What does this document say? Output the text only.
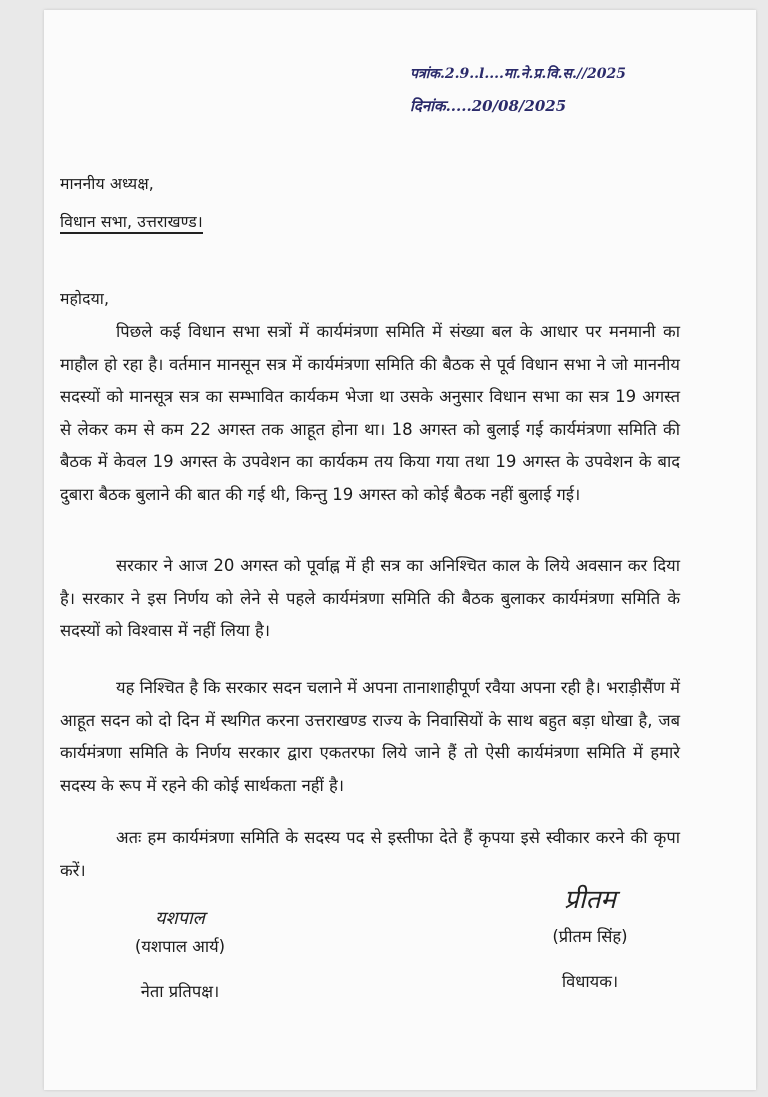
पत्रांक.2.9..l....मा.ने.प्र.वि.स.//2025
दिनांक.....20/08/2025
माननीय अध्यक्ष,
विधान सभा, उत्तराखण्ड।
महोदया,
पिछले कई विधान सभा सत्रों में कार्यमंत्रणा समिति में संख्या बल के आधार पर मनमानी का माहौल हो रहा है। वर्तमान मानसून सत्र में कार्यमंत्रणा समिति की बैठक से पूर्व विधान सभा ने जो माननीय सदस्यों को मानसूत्र सत्र का सम्भावित कार्यकम भेजा था उसके अनुसार विधान सभा का सत्र 19 अगस्त से लेकर कम से कम 22 अगस्त तक आहूत होना था। 18 अगस्त को बुलाई गई कार्यमंत्रणा समिति की बैठक में केवल 19 अगस्त के उपवेशन का कार्यकम तय किया गया तथा 19 अगस्त के उपवेशन के बाद दुबारा बैठक बुलाने की बात की गई थी, किन्तु 19 अगस्त को कोई बैठक नहीं बुलाई गई।
सरकार ने आज 20 अगस्त को पूर्वाह्न में ही सत्र का अनिश्चित काल के लिये अवसान कर दिया है। सरकार ने इस निर्णय को लेने से पहले कार्यमंत्रणा समिति की बैठक बुलाकर कार्यमंत्रणा समिति के सदस्यों को विश्वास में नहीं लिया है।
यह निश्चित है कि सरकार सदन चलाने में अपना तानाशाहीपूर्ण रवैया अपना रही है। भराड़ीसैंण में आहूत सदन को दो दिन में स्थगित करना उत्तराखण्ड राज्य के निवासियों के साथ बहुत बड़ा धोखा है, जब कार्यमंत्रणा समिति के निर्णय सरकार द्वारा एकतरफा लिये जाने हैं तो ऐसी कार्यमंत्रणा समिति में हमारे सदस्य के रूप में रहने की कोई सार्थकता नहीं है।
अतः हम कार्यमंत्रणा समिति के सदस्य पद से इस्तीफा देते हैं कृपया इसे स्वीकार करने की कृपा करें।
यशपाल
(यशपाल आर्य)
नेता प्रतिपक्ष।
प्रीतम
(प्रीतम सिंह)
विधायक।
